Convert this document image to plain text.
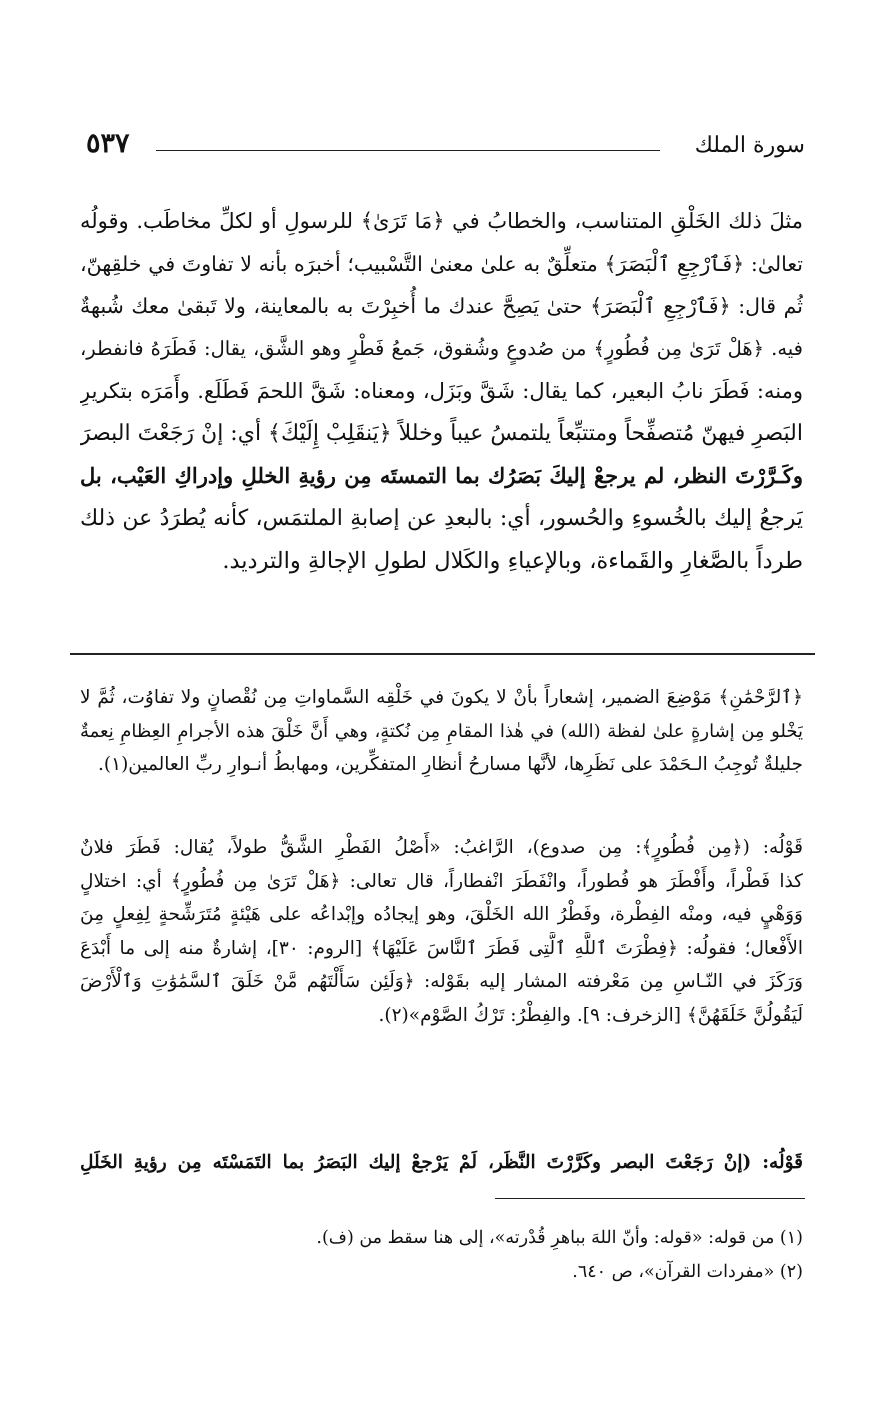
٥٣٧	سورة الملك
مثلَ ذلك الخَلْقِ المتناسب، والخطابُ في ﴿مَا تَرَىٰ﴾ للرسولِ أو لكلِّ مخاطَب. وقولُه
تعالىٰ: ﴿فَٱرْجِعِ ٱلْبَصَرَ﴾ متعلِّقٌ به علىٰ معنىٰ التَّسْبيب؛ أخبرَه بأنه لا تفاوتَ في خلقِهنّ،
ثُم قال: ﴿فَٱرْجِعِ ٱلْبَصَرَ﴾ حتىٰ يَصِحَّ عندك ما أُخبِرْتَ به بالمعاينة، ولا تَبقىٰ معك شُبهةٌ
فيه. ﴿هَلْ تَرَىٰ مِن فُطُورٍ﴾ من صُدوعٍ وشُقوق، جَمعُ فَطْرٍ وهو الشَّق، يقال: فَطَرَهُ فانفطر،
ومنه: فَطَرَ نابُ البعير، كما يقال: شَقَّ وبَزَل، ومعناه: شَقَّ اللحمَ فَطَلَع. وأَمَرَه بتكريرِ
البَصرِ فيهنّ مُتصفِّحاً ومتتبِّعاً يلتمسُ عيباً وخللاً ﴿يَنقَلِبْ إِلَيْكَ﴾ أي: إنْ رَجَعْتَ البصرَ
وكَـرَّرْتَ النظر، لم يرجعْ إليكَ بَصَرُك بما التمستَه مِن رؤيةِ الخللِ وإدراكِ العَيْب، بل
يَرجعُ إليك بالخُسوءِ والحُسور، أي: بالبعدِ عن إصابةِ الملتمَس، كأنه يُطرَدُ عن ذلك
طرداً بالصَّغارِ والقَماءة، وبالإعياءِ والكَلال لطولِ الإجالةِ والترديد.
﴿ٱلرَّحْمَٰنِ﴾ مَوْضِعَ الضمير، إشعاراً بأنْ لا يكونَ في خَلْقِه السَّماواتِ مِن نُقْصانٍ ولا تفاوُت، ثُمَّ لا
يَخْلو مِن إشارةٍ علىٰ لفظة (الله) في هٰذا المقامِ مِن نُكتةٍ، وهي أَنَّ خَلْقَ هذه الأجرامِ العِظامِ نِعمةٌ
جليلةٌ تُوجِبُ الـحَمْدَ على نَظَرِها، لأنَّها مسارحُ أنظارِ المتفكِّرين، ومهابطُ أنـوارِ ربِّ العالمين(١).
قَوْلُه: (﴿مِن فُطُورٍ﴾: مِن صدوع)، الرَّاغبُ: «أَصْلُ الفَطْرِ الشَّقُّ طولاً، يُقال: فَطَرَ فلانٌ
كذا فَطْراً، وأَفْطَرَ هو فُطوراً، وانْفَطَرَ انْفطاراً، قال تعالى: ﴿هَلْ تَرَىٰ مِن فُطُورٍ﴾ أي: اختلالٍ
وَوَهْيٍ فيه، ومنْه الفِطْرة، وفَطْرُ الله الخَلْقَ، وهو إيجادُه وإبْداعُه على هَيْئةٍ مُتَرَشِّحةٍ لِفِعلٍ مِنَ
الأَفْعال؛ فقولُه: ﴿فِطْرَتَ ٱللَّهِ ٱلَّتِى فَطَرَ ٱلنَّاسَ عَلَيْهَا﴾ [الروم: ٣٠]، إشارةٌ منه إلى ما أَبْدَعَ
وَرَكَزَ في النّـاسِ مِن مَعْرفته المشار إليه بقَوْله: ﴿وَلَئِن سَأَلْتَهُم مَّنْ خَلَقَ ٱلسَّمَٰوَٰتِ وَٱلْأَرْضَ
لَيَقُولُنَّ خَلَقَهُنَّ﴾ [الزخرف: ٩]. والفِطْرُ: تَرْكُ الصَّوْم»(٢).
قَوْلُه: (إنْ رَجَعْتَ البصر وكَرَّرْتَ النَّظَر، لَمْ يَرْجعْ إليك البَصَرُ بما التَمَسْتَه مِن رؤيةِ الخَلَلِ
(١) من قوله: «قوله: وأنّ اللهَ بباهرِ قُدْرته»، إلى هنا سقط من (ف).
(٢) «مفردات القرآن»، ص ٦٤٠.
